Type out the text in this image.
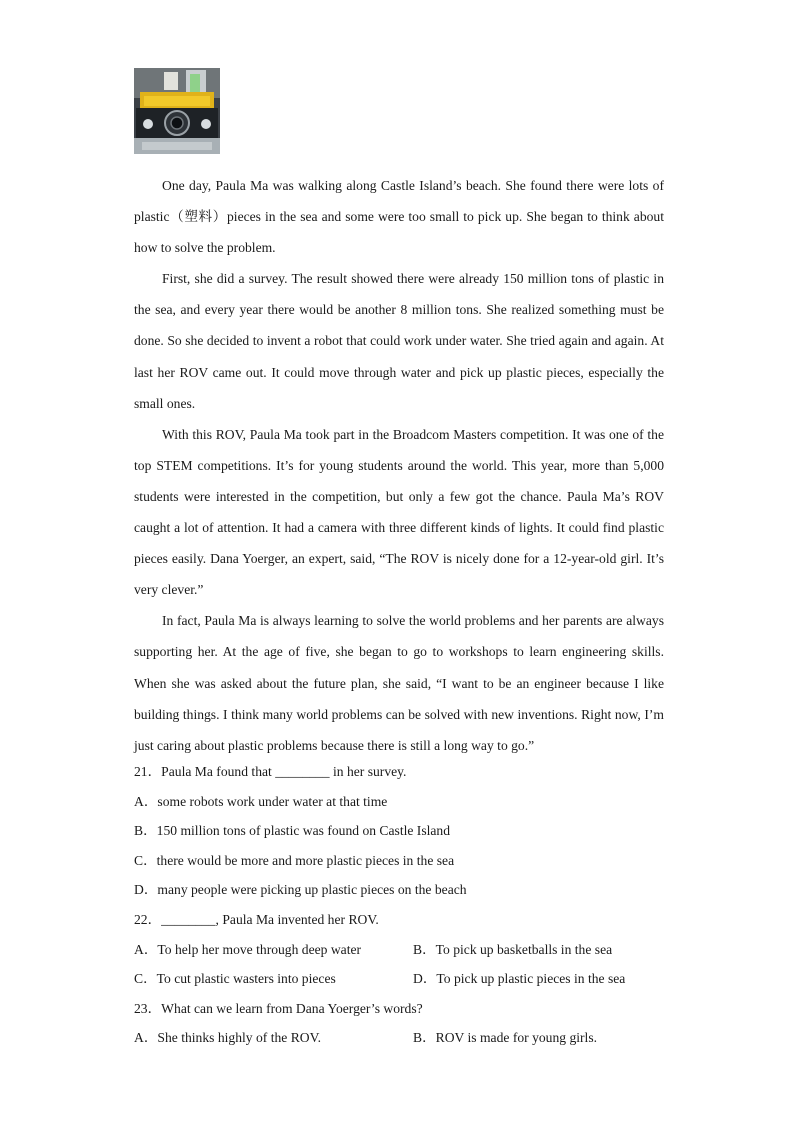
One day, Paula Ma was walking along Castle Island’s beach. She found there were lots of plastic（塑料）pieces in the sea and some were too small to pick up. She began to think about how to solve the problem.

First, she did a survey. The result showed there were already 150 million tons of plastic in the sea, and every year there would be another 8 million tons. She realized something must be done. So she decided to invent a robot that could work under water. She tried again and again. At last her ROV came out. It could move through water and pick up plastic pieces, especially the small ones.

With this ROV, Paula Ma took part in the Broadcom Masters competition. It was one of the top STEM competitions. It’s for young students around the world. This year, more than 5,000 students were interested in the competition, but only a few got the chance. Paula Ma’s ROV caught a lot of attention. It had a camera with three different kinds of lights. It could find plastic pieces easily. Dana Yoerger, an expert, said, “The ROV is nicely done for a 12-year-old girl. It’s very clever.”

In fact, Paula Ma is always learning to solve the world problems and her parents are always supporting her. At the age of five, she began to go to workshops to learn engineering skills. When she was asked about the future plan, she said, “I want to be an engineer because I like building things. I think many world problems can be solved with new inventions. Right now, I’m just caring about plastic problems because there is still a long way to go.”

21．Paula Ma found that ________ in her survey.
A．some robots work under water at that time
B．150 million tons of plastic was found on Castle Island
C．there would be more and more plastic pieces in the sea
D．many people were picking up plastic pieces on the beach
22．________, Paula Ma invented her ROV.
A．To help her move through deep water	B．To pick up basketballs in the sea
C．To cut plastic wasters into pieces	D．To pick up plastic pieces in the sea
23．What can we learn from Dana Yoerger’s words?
A．She thinks highly of the ROV.	B．ROV is made for young girls.
